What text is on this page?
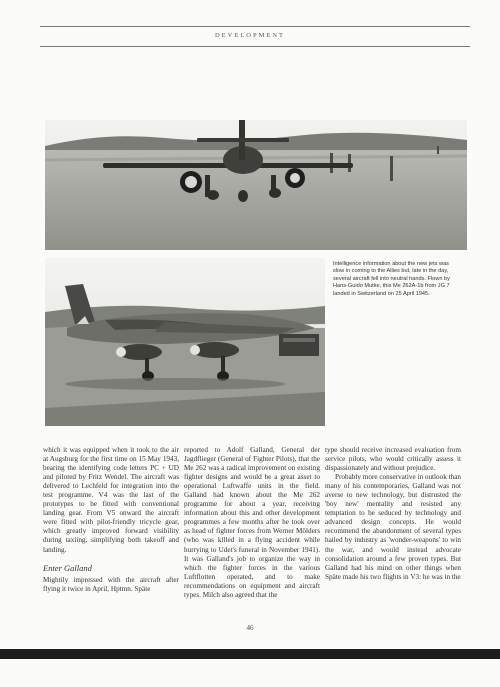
DEVELOPMENT
Intelligence information about the new jets was slow in coming to the Allies but, late in the day, several aircraft fell into neutral hands. Flown by Hans-Guido Mutke, this Me 262A-1b from JG 7 landed in Switzerland on 25 April 1945.

which it was equipped when it took to the air at Augsburg for the first time on 15 May 1943, bearing the identifying code letters PC + UD and piloted by Fritz Wendel. The aircraft was delivered to Lechfeld for integration into the test programme. V4 was the last of the prototypes to be fitted with conventional landing gear. From V5 onward the aircraft were fitted with pilot-friendly tricycle gear, which greatly improved forward visibility during taxiing, simplifying both takeoff and landing.

Enter Galland

Mightily impressed with the aircraft after flying it twice in April, Hptmn. Späte

reported to Adolf Galland, General der Jagdflieger (General of Fighter Pilots), that the Me 262 was a radical improvement on existing fighter designs and would be a great asset to operational Luftwaffe units in the field. Galland had known about the Me 262 programme for about a year, receiving information about this and other development programmes a few months after he took over as head of fighter forces from Werner Mölders (who was killed in a flying accident while hurrying to Udet's funeral in November 1941). It was Galland's job to organize the way in which the fighter forces in the various Luftflotten operated, and to make recommendations on equipment and aircraft types. Milch also agreed that the

type should receive increased evaluation from service pilots, who would critically assess it dispassionately and without prejudice.

Probably more conservative in outlook than many of his contemporaries, Galland was not averse to new technology, but distrusted the 'boy new' mentality and resisted any temptation to be seduced by technology and advanced design concepts. He would recommend the abandonment of several types hailed by industry as 'wonder-weapons' to win the war, and would instead advocate consolidation around a few proven types. But Galland had his mind on other things when Späte made his two flights in V3: he was in the

46
